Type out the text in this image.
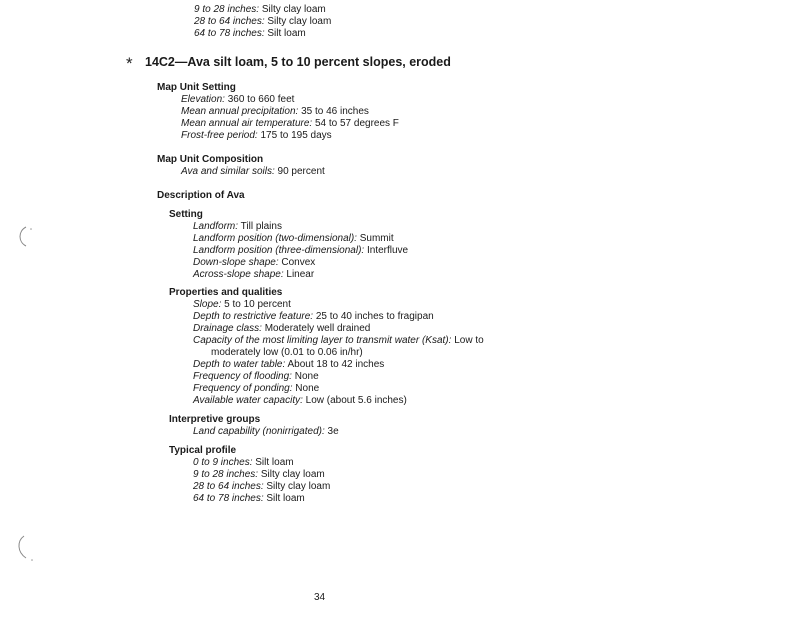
9 to 28 inches: Silty clay loam
28 to 64 inches: Silty clay loam
64 to 78 inches: Silt loam
* 14C2—Ava silt loam, 5 to 10 percent slopes, eroded
Map Unit Setting
Elevation: 360 to 660 feet
Mean annual precipitation: 35 to 46 inches
Mean annual air temperature: 54 to 57 degrees F
Frost-free period: 175 to 195 days
Map Unit Composition
Ava and similar soils: 90 percent
Description of Ava
Setting
Landform: Till plains
Landform position (two-dimensional): Summit
Landform position (three-dimensional): Interfluve
Down-slope shape: Convex
Across-slope shape: Linear
Properties and qualities
Slope: 5 to 10 percent
Depth to restrictive feature: 25 to 40 inches to fragipan
Drainage class: Moderately well drained
Capacity of the most limiting layer to transmit water (Ksat): Low to
moderately low (0.01 to 0.06 in/hr)
Depth to water table: About 18 to 42 inches
Frequency of flooding: None
Frequency of ponding: None
Available water capacity: Low (about 5.6 inches)
Interpretive groups
Land capability (nonirrigated): 3e
Typical profile
0 to 9 inches: Silt loam
9 to 28 inches: Silty clay loam
28 to 64 inches: Silty clay loam
64 to 78 inches: Silt loam
34
